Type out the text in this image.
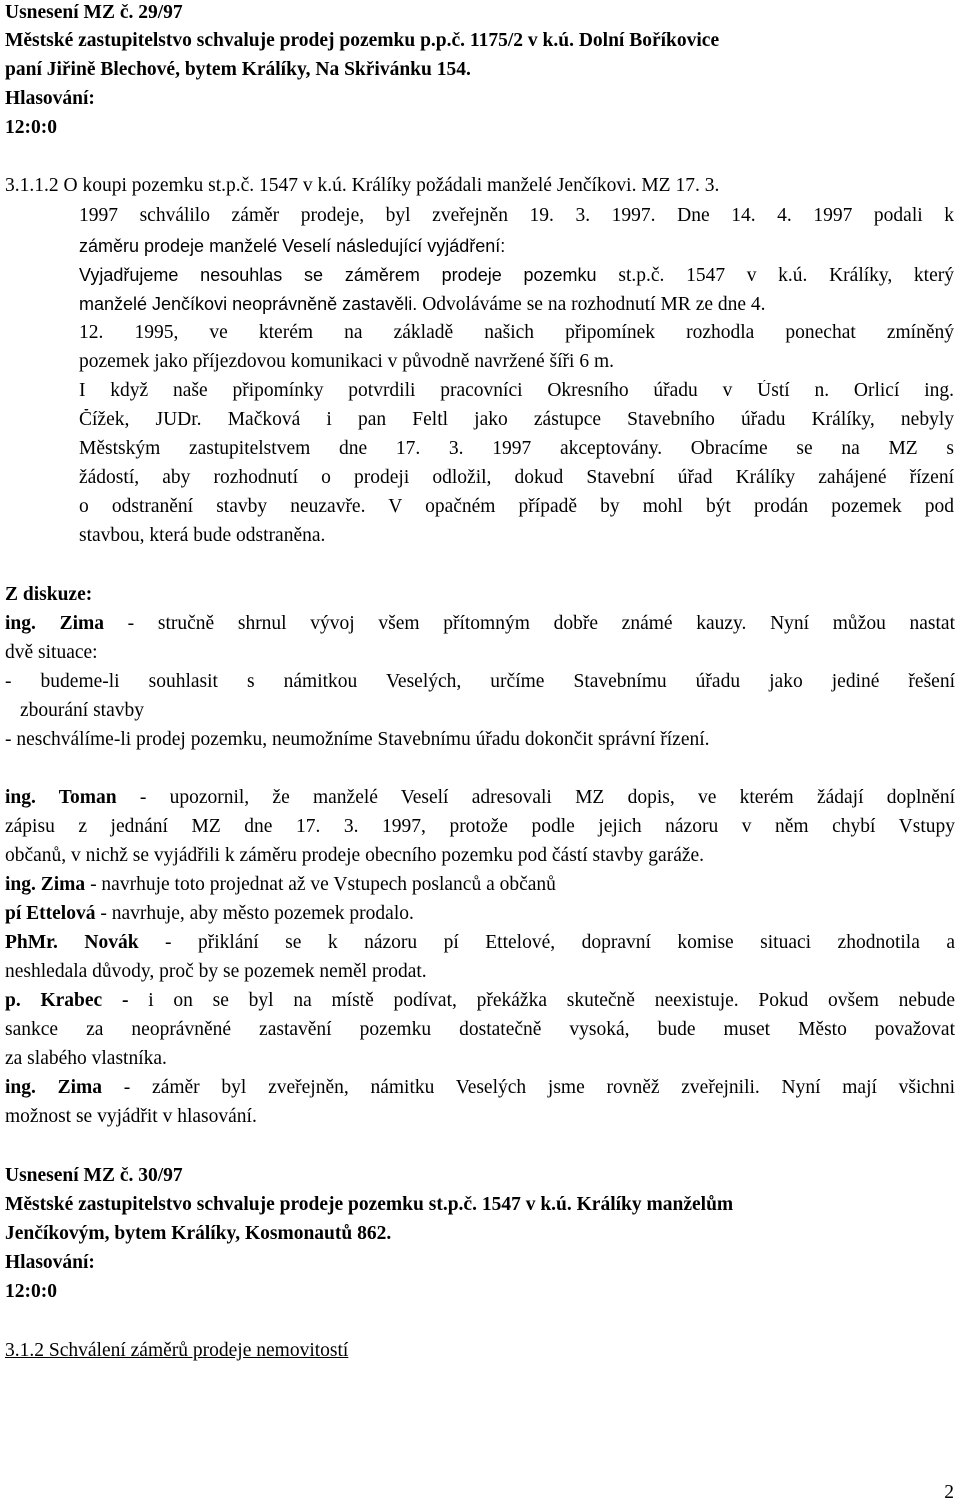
Usnesení MZ č. 29/97
Městské zastupitelstvo schvaluje prodej pozemku p.p.č. 1175/2 v k.ú. Dolní Boříkovice
paní Jiřině Blechové, bytem Králíky, Na Skřivánku 154.
Hlasování:
12:0:0
3.1.1.2 O koupi pozemku st.p.č. 1547 v k.ú. Králíky požádali manželé Jenčíkovi. MZ 17. 3.
1997 schválilo záměr prodeje, byl zveřejněn 19. 3. 1997. Dne 14. 4. 1997 podali k
záměru prodeje manželé Veselí následující vyjádření:
Vyjadřujeme nesouhlas se záměrem prodeje pozemku st.p.č. 1547 v k.ú. Králíky, který
manželé Jenčíkovi neoprávněně zastavěli. Odvoláváme se na rozhodnutí MR ze dne 4.
12. 1995, ve kterém na základě našich připomínek rozhodla ponechat zmíněný
pozemek jako příjezdovou komunikaci v původně navržené šíři 6 m.
I když naše připomínky potvrdili pracovníci Okresního úřadu v Ústí n. Orlicí ing.
Čížek, JUDr. Mačková i pan Feltl jako zástupce Stavebního úřadu Králíky, nebyly
Městským zastupitelstvem dne 17. 3. 1997 akceptovány. Obracíme se na MZ s
žádostí, aby rozhodnutí o prodeji odložil, dokud Stavební úřad Králíky zahájené řízení
o odstranění stavby neuzavře. V opačném případě by mohl být prodán pozemek pod
stavbou, která bude odstraněna.
Z diskuze:
ing. Zima - stručně shrnul vývoj všem přítomným dobře známé kauzy. Nyní můžou nastat
dvě situace:
- budeme-li souhlasit s námitkou Veselých, určíme Stavebnímu úřadu jako jediné řešení
zbourání stavby
- neschválíme-li prodej pozemku, neumožníme Stavebnímu úřadu dokončit správní řízení.
ing. Toman - upozornil, že manželé Veselí adresovali MZ dopis, ve kterém žádají doplnění
zápisu z jednání MZ dne 17. 3. 1997, protože podle jejich názoru v něm chybí Vstupy
občanů, v nichž se vyjádřili k záměru prodeje obecního pozemku pod částí stavby garáže.
ing. Zima - navrhuje toto projednat až ve Vstupech poslanců a občanů
pí Ettelová - navrhuje, aby město pozemek prodalo.
PhMr. Novák - přiklání se k názoru pí Ettelové, dopravní komise situaci zhodnotila a
neshledala důvody, proč by se pozemek neměl prodat.
p. Krabec - i on se byl na místě podívat, překážka skutečně neexistuje. Pokud ovšem nebude
sankce za neoprávněné zastavění pozemku dostatečně vysoká, bude muset Město považovat
za slabého vlastníka.
ing. Zima - záměr byl zveřejněn, námitku Veselých jsme rovněž zveřejnili. Nyní mají všichni
možnost se vyjádřit v hlasování.
Usnesení MZ č. 30/97
Městské zastupitelstvo schvaluje prodeje pozemku st.p.č. 1547 v k.ú. Králíky manželům
Jenčíkovým, bytem Králíky, Kosmonautů 862.
Hlasování:
12:0:0
3.1.2 Schválení záměrů prodeje nemovitostí
2
